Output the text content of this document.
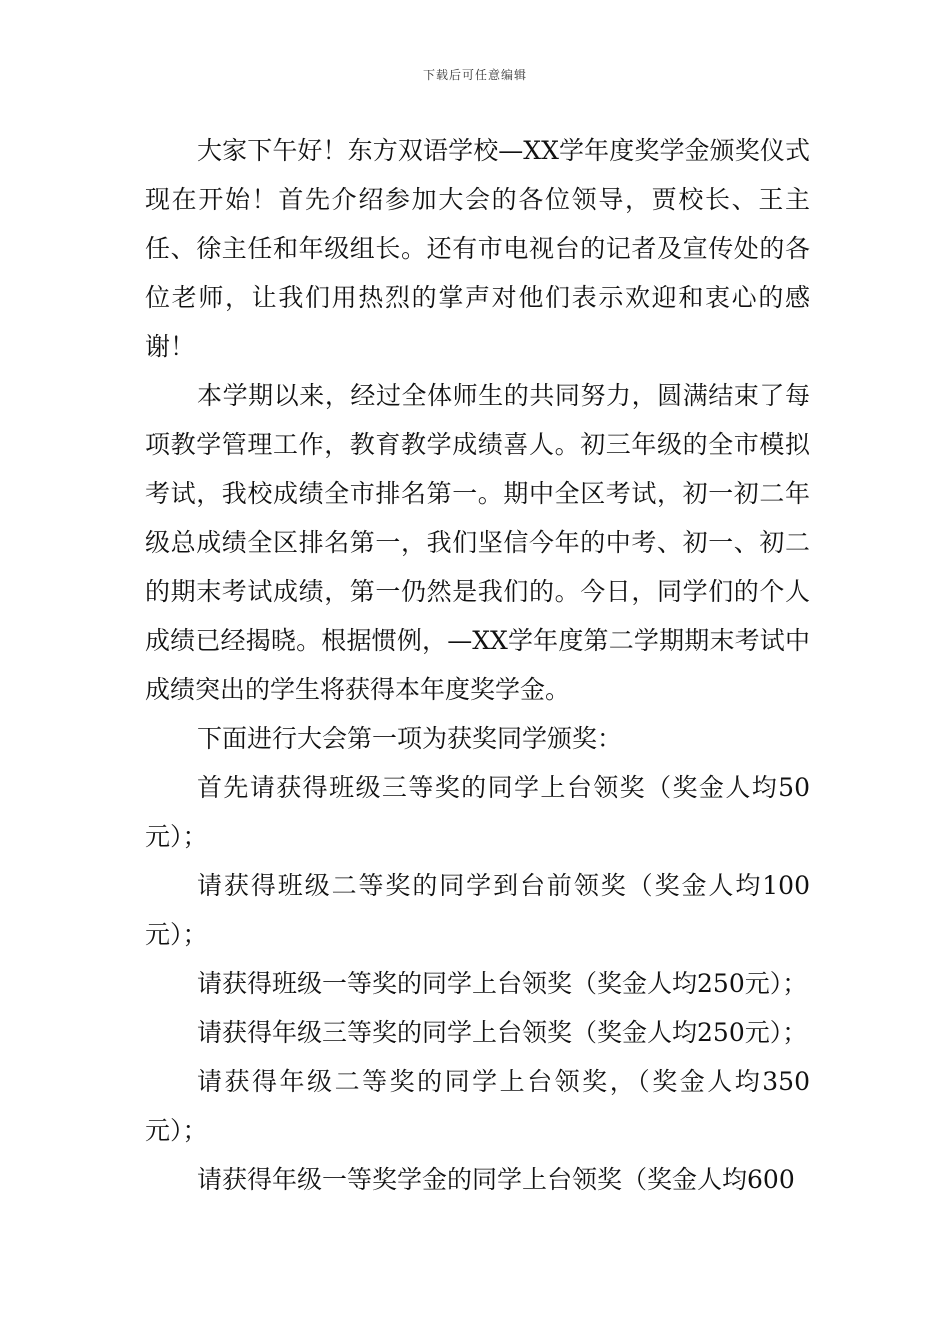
下载后可任意编辑

大家下午好！东方双语学校—XX学年度奖学金颁奖仪式现在开始！首先介绍参加大会的各位领导，贾校长、王主任、徐主任和年级组长。还有市电视台的记者及宣传处的各位老师，让我们用热烈的掌声对他们表示欢迎和衷心的感谢！

本学期以来，经过全体师生的共同努力，圆满结束了每项教学管理工作，教育教学成绩喜人。初三年级的全市模拟考试，我校成绩全市排名第一。期中全区考试，初一初二年级总成绩全区排名第一，我们坚信今年的中考、初一、初二的期末考试成绩，第一仍然是我们的。今日，同学们的个人成绩已经揭晓。根据惯例，—XX学年度第二学期期末考试中成绩突出的学生将获得本年度奖学金。

下面进行大会第一项为获奖同学颁奖：

首先请获得班级三等奖的同学上台领奖（奖金人均50元）；

请获得班级二等奖的同学到台前领奖（奖金人均100元）；

请获得班级一等奖的同学上台领奖（奖金人均250元）；

请获得年级三等奖的同学上台领奖（奖金人均250元）；

请获得年级二等奖的同学上台领奖，（奖金人均350元）；

请获得年级一等奖学金的同学上台领奖（奖金人均600
